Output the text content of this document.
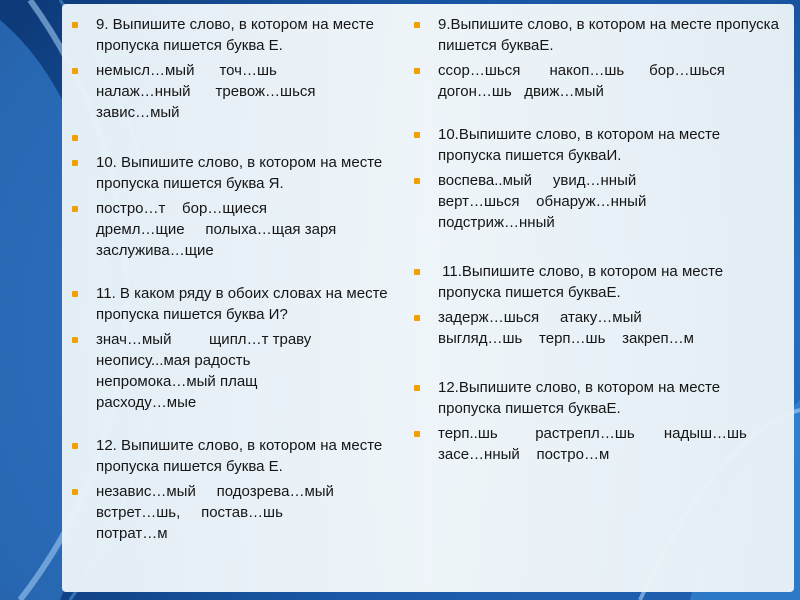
9. Выпишите слово, в котором на месте пропуска пишется буква Е.
немысл…мый      точ…шь
налаж…нный      тревож…шься
завис…мый
10. Выпишите слово, в котором на месте пропуска пишется буква Я.
постро…т    бор…щиеся
дремл…щие     полыха…щая заря
заслужива…щие
11. В каком ряду в обоих словах на месте пропуска пишется буква И?
знач…мый         щипл…т траву
неопису...мая радость
непромока…мый плащ
расходу…мые
12. Выпишите слово, в котором на месте пропуска пишется буква Е.
независ…мый     подозрева…мый
встрет…шь,     постав…шь
потрат…м
9.Выпишите слово, в котором на месте пропуска пишется букваЕ.
ссор…шься       накоп…шь      бор…шься
догон…шь   движ…мый
10.Выпишите слово, в котором на месте пропуска пишется букваИ.
воспева..мый     увид…нный
верт…шься    обнаруж…нный
подстриж…нный
11.Выпишите слово, в котором на месте пропуска пишется букваЕ.
задерж…шься     атаку…мый
выгляд…шь    терп…шь    закреп…м
12.Выпишите слово, в котором на месте пропуска пишется букваЕ.
терп..шь         растрепл…шь       надыш…шь
засе…нный    постро…м
